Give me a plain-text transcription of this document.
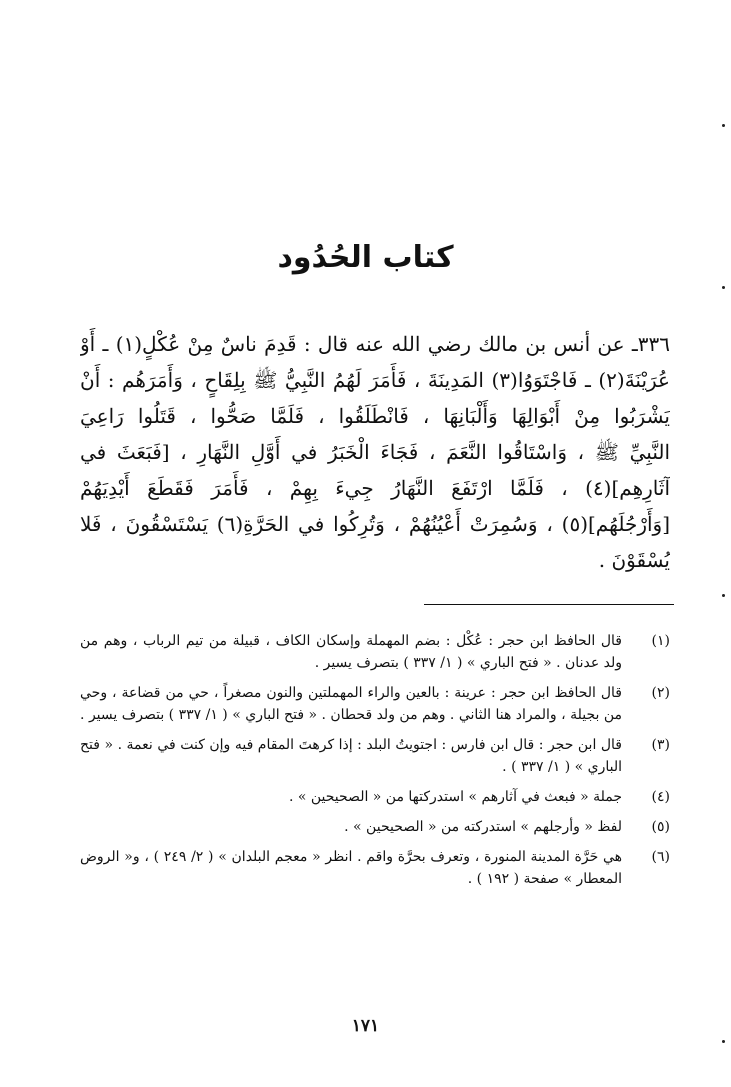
كتاب الحُدُود
٣٣٦ـ عن أنس بن مالك رضي الله عنه قال : قَدِمَ ناسٌ مِنْ عُكْلٍ(١) ـ أَوْ
عُرَيْنَةَ(٢) ـ فَاجْتَوَوُا(٣) المَدِينَةَ ، فَأَمَرَ لَهُمُ النَّبِيُّ ﷺ بِلِقَاحٍ ، وَأَمَرَهُم : أَنْ
يَشْرَبُوا مِنْ أَبْوَالِهَا وَأَلْبَانِهَا ، فَانْطَلَقُوا ، فَلَمَّا صَحُّوا ، قَتَلُوا رَاعِيَ
النَّبِيِّ ﷺ ، وَاسْتَاقُوا النَّعَمَ ، فَجَاءَ الْخَبَرُ في أَوَّلِ النَّهَارِ ، [فَبَعَثَ في
آثَارِهِم](٤) ، فَلَمَّا ارْتَفَعَ النَّهَارُ جِيءَ بِهِمْ ، فَأَمَرَ فَقَطَعَ أَيْدِيَهُمْ
[وَأَرْجُلَهُم](٥) ، وَسُمِرَتْ أَعْيُنُهُمْ ، وَتُرِكُوا في الحَرَّةِ(٦) يَسْتَسْقُونَ ، فَلا
يُسْقَوْنَ .
(١)
قال الحافظ ابن حجر : عُكْل : بضم المهملة وإسكان الكاف ، قبيلة من تيم الرباب ، وهم من ولد عدنان . « فتح الباري » ( ١/ ٣٣٧ ) بتصرف يسير .
(٢)
قال الحافظ ابن حجر : عرينة : بالعين والراء المهملتين والنون مصغراً ، حي من قضاعة ، وحي من بجيلة ، والمراد هنا الثاني . وهم من ولد قحطان . « فتح الباري » ( ١/ ٣٣٧ ) بتصرف يسير .
(٣)
قال ابن حجر : قال ابن فارس : اجتويتُ البلد : إذا كرهتَ المقام فيه وإن كنت في نعمة . « فتح الباري » ( ١/ ٣٣٧ ) .
(٤)
جملة « فبعث في آثارهم » استدركتها من « الصحيحين » .
(٥)
لفظ « وأرجلهم » استدركته من « الصحيحين » .
(٦)
هي حَرَّة المدينة المنورة ، وتعرف بحرَّة واقم . انظر « معجم البلدان » ( ٢/ ٢٤٩ ) ، و« الروض المعطار » صفحة ( ١٩٢ ) .
١٧١
